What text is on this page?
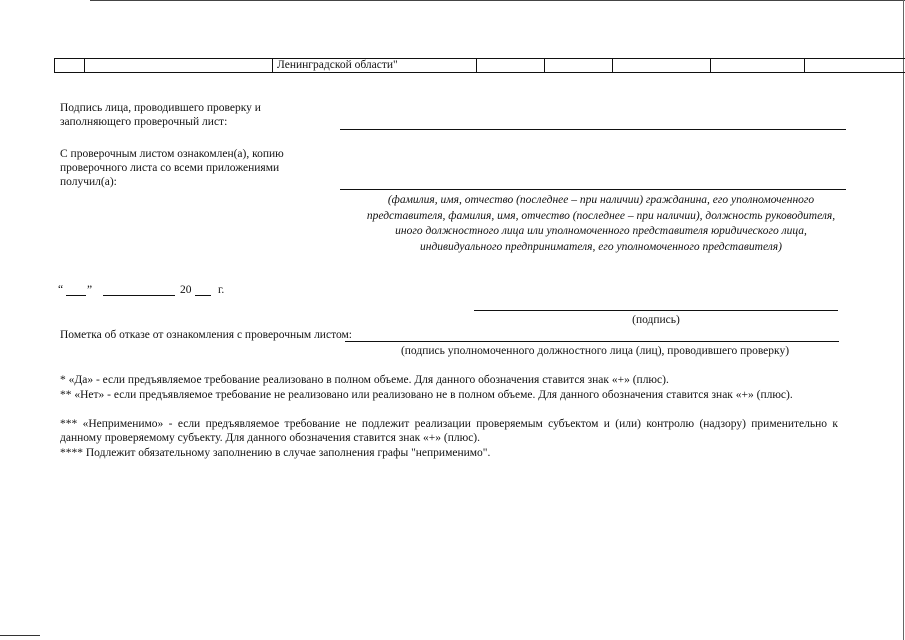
		Ленинградской области"					
Подпись лица, проводившего проверку и заполняющего проверочный лист:
С проверочным листом ознакомлен(а), копию проверочного листа со всеми приложениями получил(а):
(фамилия, имя, отчество (последнее – при наличии) гражданина, его уполномоченного представителя, фамилия, имя, отчество (последнее – при наличии), должность руководителя, иного должностного лица или уполномоченного представителя юридического лица, индивидуального предпринимателя, его уполномоченного представителя)
“	”	20	г.
(подпись)
Пометка об отказе от ознакомления с проверочным листом:
(подпись уполномоченного должностного лица (лиц), проводившего проверку)
* «Да» - если предъявляемое требование реализовано в полном объеме. Для данного обозначения ставится знак «+» (плюс).
** «Нет» - если предъявляемое требование не реализовано или реализовано не в полном объеме. Для данного обозначения ставится знак «+» (плюс).
*** «Неприменимо» - если предъявляемое требование не подлежит реализации проверяемым субъектом и (или) контролю (надзору) применительно к данному проверяемому субъекту. Для данного обозначения ставится знак «+» (плюс).
**** Подлежит обязательному заполнению в случае заполнения графы "неприменимо".
